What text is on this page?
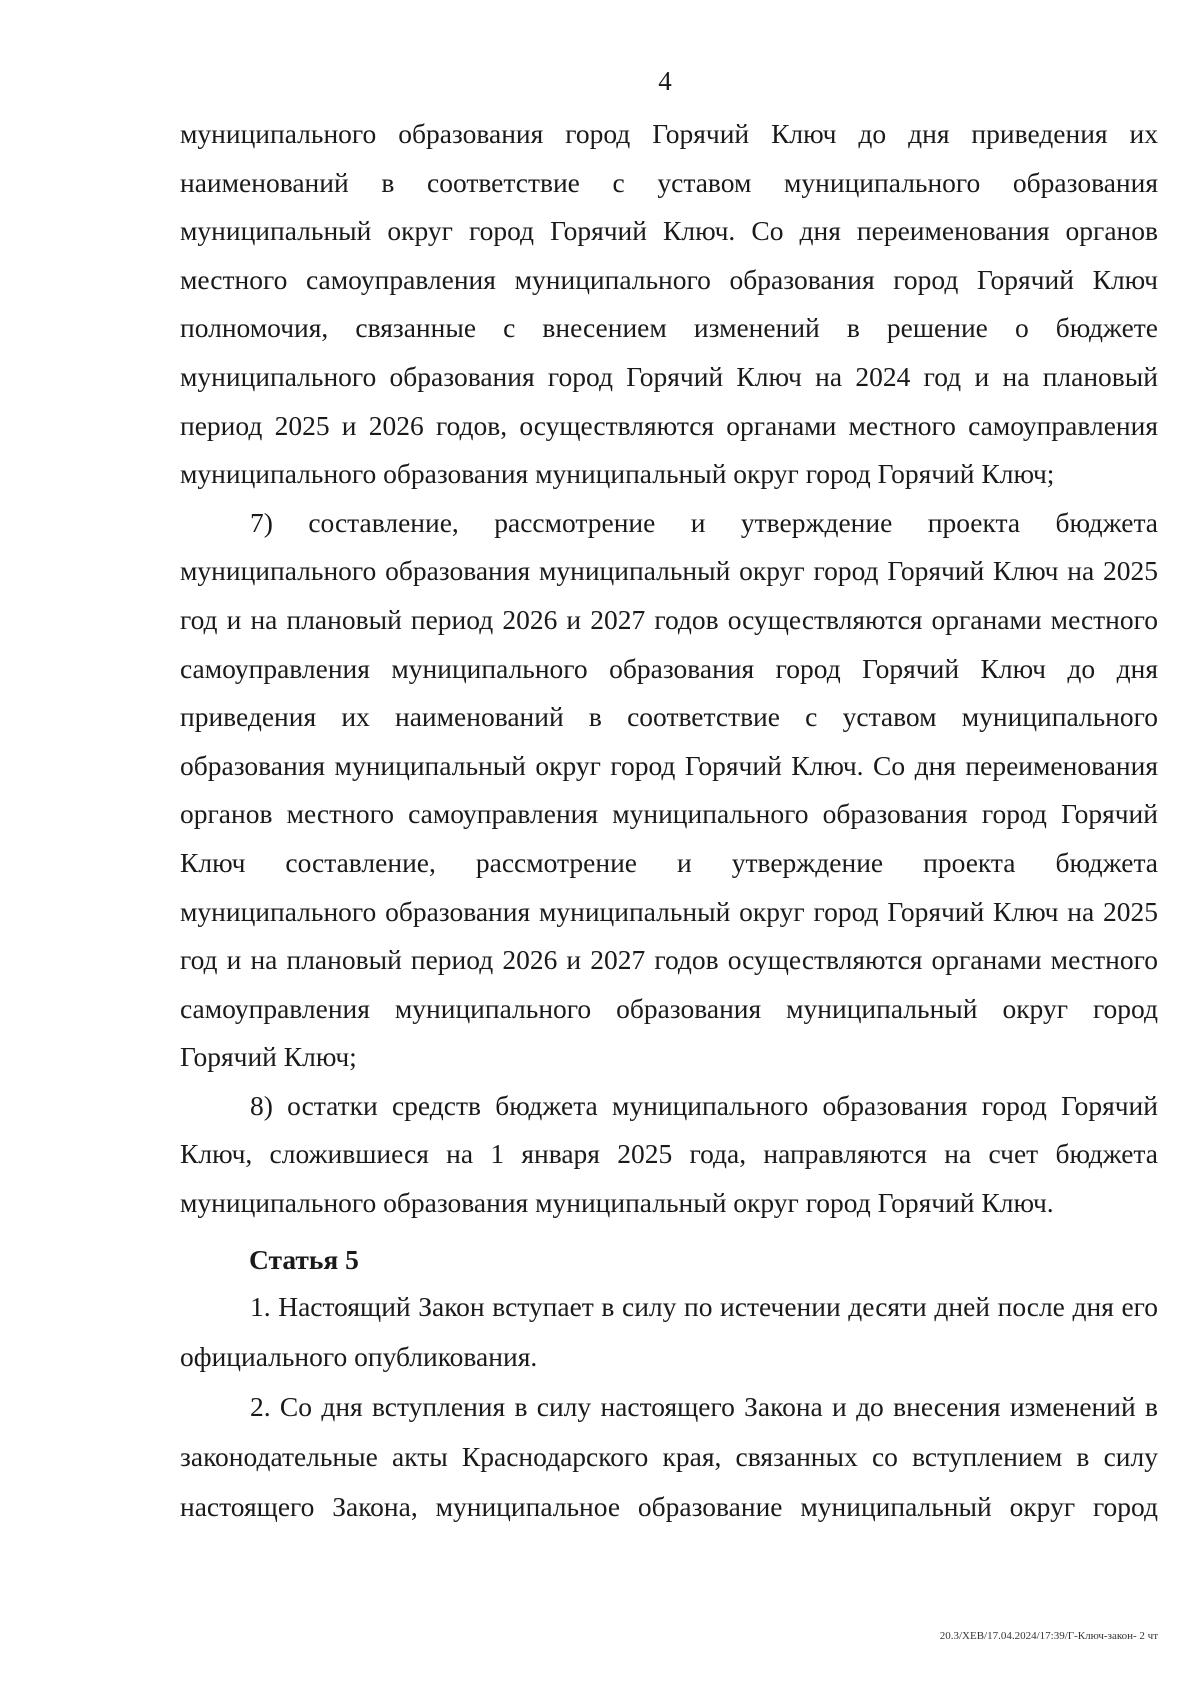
4

муниципального образования город Горячий Ключ до дня приведения их наименований в соответствие с уставом муниципального образования муниципальный округ город Горячий Ключ. Со дня переименования органов местного самоуправления муниципального образования город Горячий Ключ полномочия, связанные с внесением изменений в решение о бюджете муниципального образования город Горячий Ключ на 2024 год и на плановый период 2025 и 2026 годов, осуществляются органами местного самоуправления муниципального образования муниципальный округ город Горячий Ключ;

7) составление, рассмотрение и утверждение проекта бюджета муниципального образования муниципальный округ город Горячий Ключ на 2025 год и на плановый период 2026 и 2027 годов осуществляются органами местного самоуправления муниципального образования город Горячий Ключ до дня приведения их наименований в соответствие с уставом муниципального образования муниципальный округ город Горячий Ключ. Со дня переименования органов местного самоуправления муниципального образования город Горячий Ключ составление, рассмотрение и утверждение проекта бюджета муниципального образования муниципальный округ город Горячий Ключ на 2025 год и на плановый период 2026 и 2027 годов осуществляются органами местного самоуправления муниципального образования муниципальный округ город Горячий Ключ;

8) остатки средств бюджета муниципального образования город Горячий Ключ, сложившиеся на 1 января 2025 года, направляются на счет бюджета муниципального образования муниципальный округ город Горячий Ключ.

Статья 5

1. Настоящий Закон вступает в силу по истечении десяти дней после дня его официального опубликования.

2. Со дня вступления в силу настоящего Закона и до внесения изменений в законодательные акты Краснодарского края, связанных со вступлением в силу настоящего Закона, муниципальное образование муниципальный округ город

20.3/ХЕВ/17.04.2024/17:39/Г-Ключ-закон- 2 чт
